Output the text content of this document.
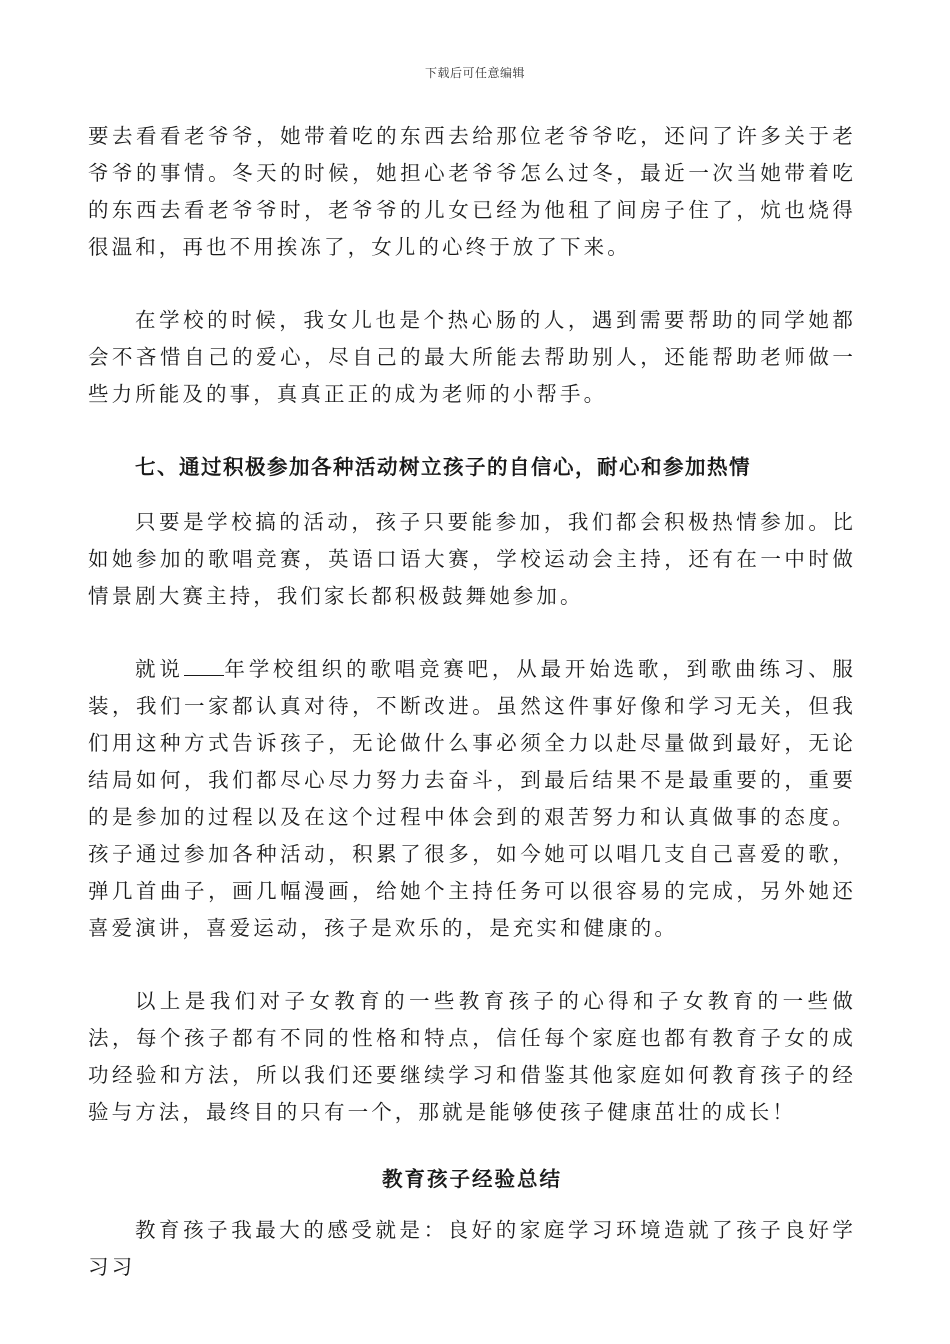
下载后可任意编辑

要去看看老爷爷，她带着吃的东西去给那位老爷爷吃，还问了许多关于老爷爷的事情。冬天的时候，她担心老爷爷怎么过冬，最近一次当她带着吃的东西去看老爷爷时，老爷爷的儿女已经为他租了间房子住了，炕也烧得很温和，再也不用挨冻了，女儿的心终于放了下来。

在学校的时候，我女儿也是个热心肠的人，遇到需要帮助的同学她都会不吝惜自己的爱心，尽自己的最大所能去帮助别人，还能帮助老师做一些力所能及的事，真真正正的成为老师的小帮手。

七、通过积极参加各种活动树立孩子的自信心，耐心和参加热情

只要是学校搞的活动，孩子只要能参加，我们都会积极热情参加。比如她参加的歌唱竞赛，英语口语大赛，学校运动会主持，还有在一中时做情景剧大赛主持，我们家长都积极鼓舞她参加。

就说 年学校组织的歌唱竞赛吧，从最开始选歌，到歌曲练习、服装，我们一家都认真对待，不断改进。虽然这件事好像和学习无关，但我们用这种方式告诉孩子，无论做什么事必须全力以赴尽量做到最好，无论结局如何，我们都尽心尽力努力去奋斗，到最后结果不是最重要的，重要的是参加的过程以及在这个过程中体会到的艰苦努力和认真做事的态度。孩子通过参加各种活动，积累了很多，如今她可以唱几支自己喜爱的歌，弹几首曲子，画几幅漫画，给她个主持任务可以很容易的完成，另外她还喜爱演讲，喜爱运动，孩子是欢乐的，是充实和健康的。

以上是我们对子女教育的一些教育孩子的心得和子女教育的一些做法，每个孩子都有不同的性格和特点，信任每个家庭也都有教育子女的成功经验和方法，所以我们还要继续学习和借鉴其他家庭如何教育孩子的经验与方法，最终目的只有一个，那就是能够使孩子健康茁壮的成长！

教育孩子经验总结

教育孩子我最大的感受就是：良好的家庭学习环境造就了孩子良好学习习
